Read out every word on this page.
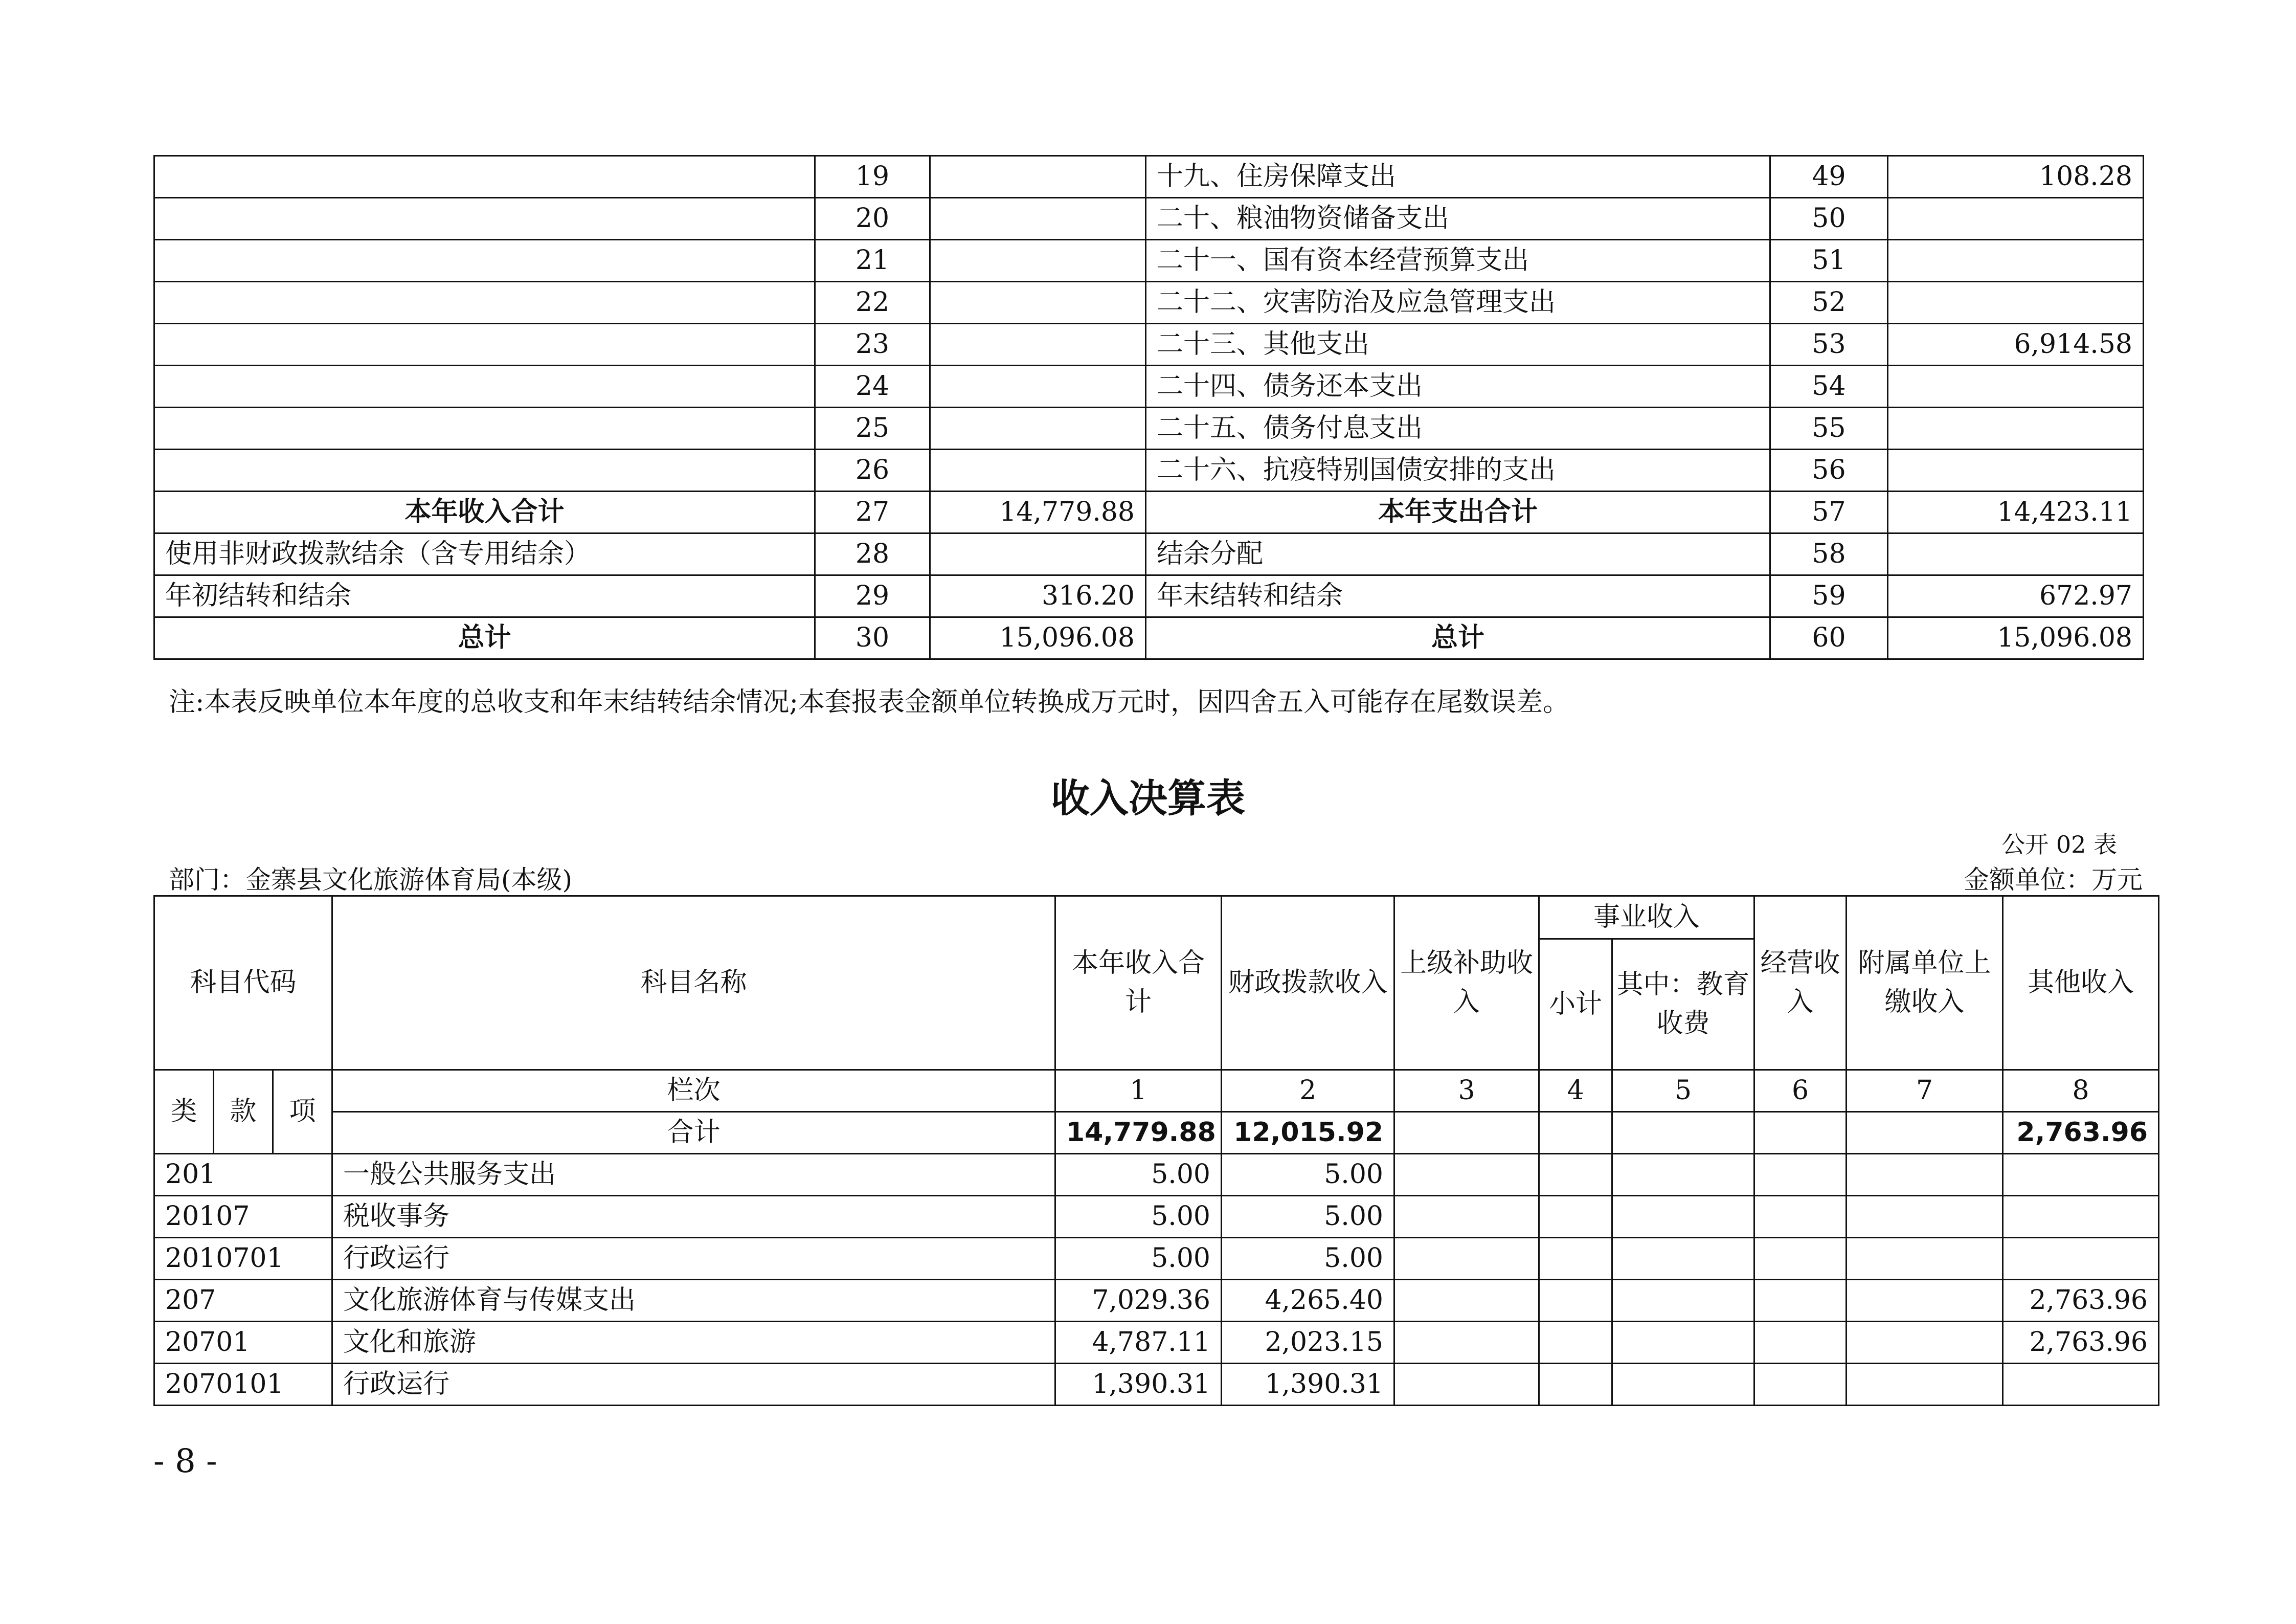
	19		十九、住房保障支出	49	108.28
	20		二十、粮油物资储备支出	50	
	21		二十一、国有资本经营预算支出	51	
	22		二十二、灾害防治及应急管理支出	52	
	23		二十三、其他支出	53	6,914.58
	24		二十四、债务还本支出	54	
	25		二十五、债务付息支出	55	
	26		二十六、抗疫特别国债安排的支出	56	
本年收入合计	27	14,779.88	本年支出合计	57	14,423.11
使用非财政拨款结余（含专用结余）	28		结余分配	58	
年初结转和结余	29	316.20	年末结转和结余	59	672.97
总计	30	15,096.08	总计	60	15,096.08
注:本表反映单位本年度的总收支和年末结转结余情况;本套报表金额单位转换成万元时，因四舍五入可能存在尾数误差。
收入决算表
公开 02 表
部门：金寨县文化旅游体育局(本级)	金额单位：万元
科目代码			科目名称	本年收入合计	财政拨款收入	上级补助收入	事业收入		经营收入	附属单位上缴收入	其他收入
							小计	其中：教育收费			
类	款	项	栏次	1	2	3	4	5	6	7	8
			合计	14,779.88	12,015.92						2,763.96
201			一般公共服务支出	5.00	5.00						
20107			税收事务	5.00	5.00						
2010701			行政运行	5.00	5.00						
207			文化旅游体育与传媒支出	7,029.36	4,265.40						2,763.96
20701			文化和旅游	4,787.11	2,023.15						2,763.96
2070101			行政运行	1,390.31	1,390.31						
- 8 -
